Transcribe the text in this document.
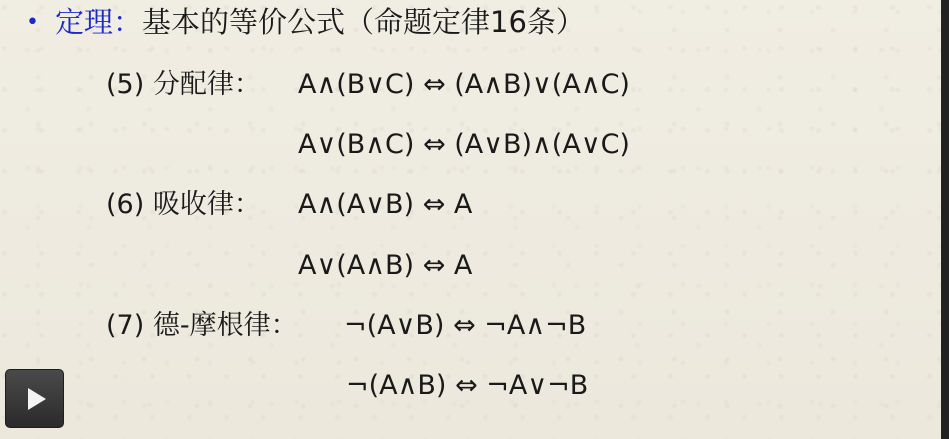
• 定理：基本的等价公式（命题定律16条）
(5) 分配律： A∧(B∨C) ⇔ (A∧B)∨(A∧C)
A∨(B∧C) ⇔ (A∨B)∧(A∨C)
(6) 吸收律： A∧(A∨B) ⇔ A
A∨(A∧B) ⇔ A
(7) 德-摩根律： ¬(A∨B) ⇔ ¬A∧¬B
¬(A∧B) ⇔ ¬A∨¬B
